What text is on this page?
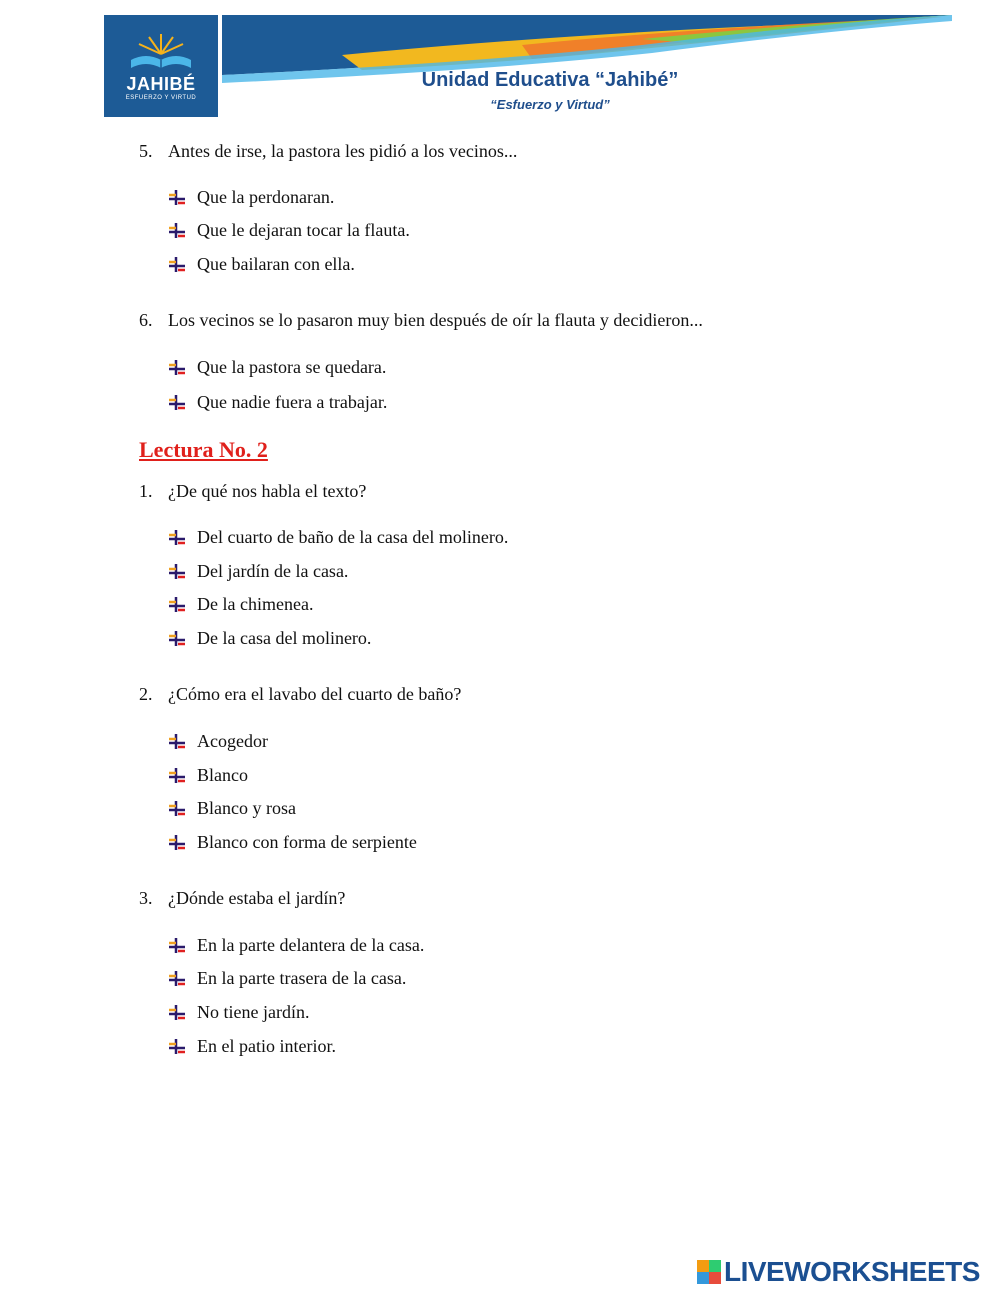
JAHIBÉ
ESFUERZO Y VIRTUD
Unidad Educativa “Jahibé”
“Esfuerzo y Virtud”
5. Antes de irse, la pastora les pidió a los vecinos...
Que la perdonaran.
Que le dejaran tocar la flauta.
Que bailaran con ella.
6. Los vecinos se lo pasaron muy bien después de oír la flauta y decidieron...
Que la pastora se quedara.
Que nadie fuera a trabajar.
Lectura No. 2
1. ¿De qué nos habla el texto?
Del cuarto de baño de la casa del molinero.
Del jardín de la casa.
De la chimenea.
De la casa del molinero.
2. ¿Cómo era el lavabo del cuarto de baño?
Acogedor
Blanco
Blanco y rosa
Blanco con forma de serpiente
3. ¿Dónde estaba el jardín?
En la parte delantera de la casa.
En la parte trasera de la casa.
No tiene jardín.
En el patio interior.
LIVEWORKSHEETS
